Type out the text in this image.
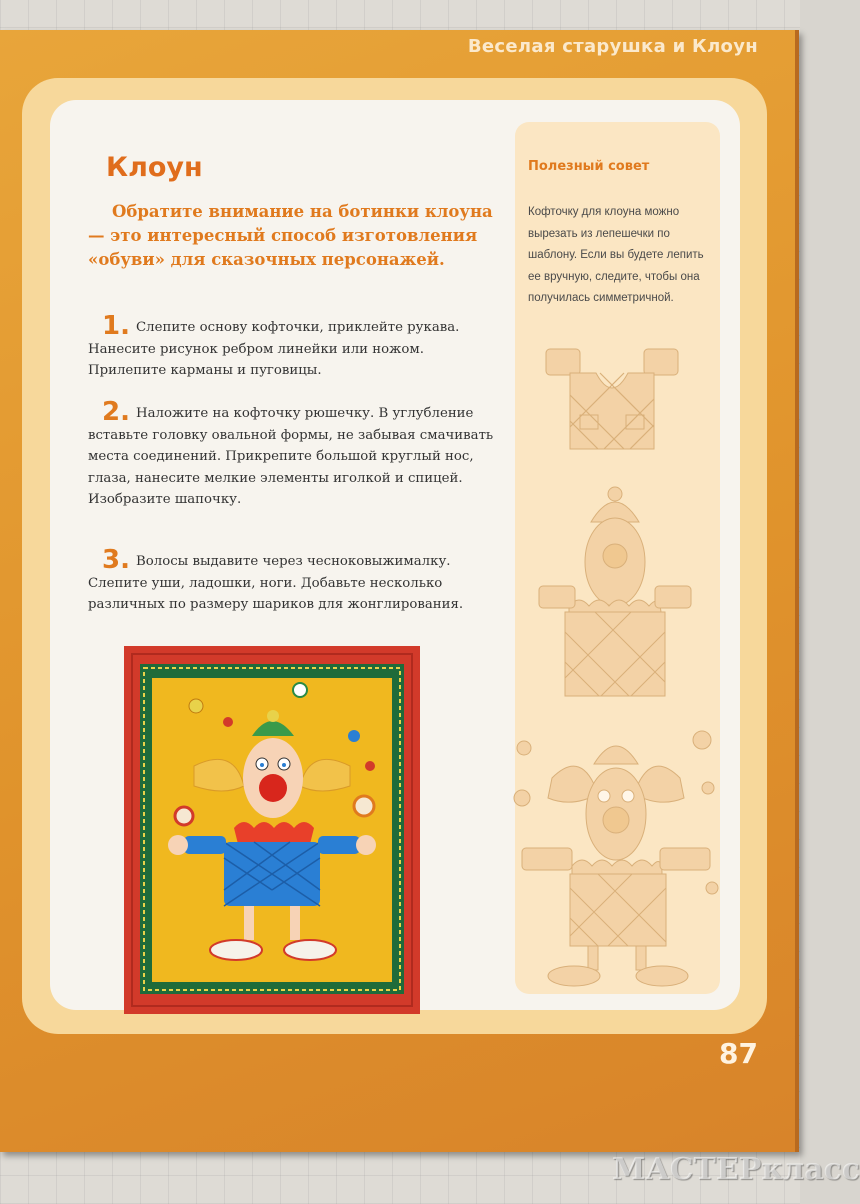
Веселая старушка и Клоун
Клоун

Обратите внимание на ботинки клоуна — это интересный способ изготовления «обуви» для сказочных персонажей.

1. Слепите основу кофточки, приклейте рукава. Нанесите рисунок ребром линейки или ножом. Прилепите карманы и пуговицы.

2. Наложите на кофточку рюшечку. В углубление вставьте головку овальной формы, не забывая смачивать места соединений. Прикрепите большой круглый нос, глаза, нанесите мелкие элементы иголкой и спицей. Изобразите шапочку.

3. Волосы выдавите через чесноковыжималку. Слепите уши, ладошки, ноги. Добавьте несколько различных по размеру шариков для жонглирования.

Полезный совет

Кофточку для клоуна можно вырезать из лепешечки по шаблону. Если вы будете лепить ее вручную, следите, чтобы она получилась симметричной.

87
МАСТЕРклаcс
